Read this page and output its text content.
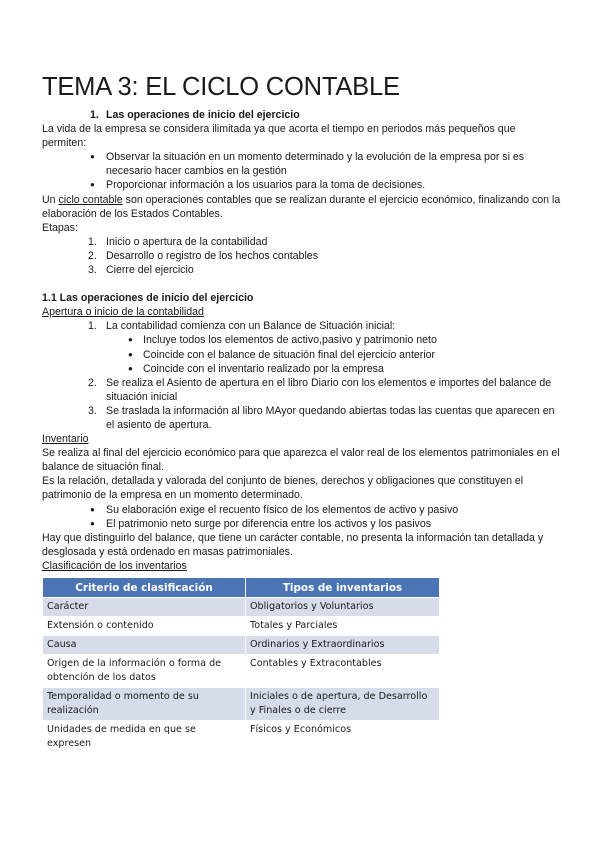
TEMA 3: EL CICLO CONTABLE

1. Las operaciones de inicio del ejercicio

La vida de la empresa se considera ilimitada ya que acorta el tiempo en periodos más pequeños que permiten:

● Observar la situación en un momento determinado y la evolución de la empresa por si es necesario hacer cambios en la gestión
● Proporcionar información a los usuarios para la toma de decisiones.

Un ciclo contable son operaciones contables que se realizan durante el ejercicio económico, finalizando con la elaboración de los Estados Contables.

Etapas:

1. Inicio o apertura de la contabilidad
2. Desarrollo o registro de los hechos contables
3. Cierre del ejercicio

1.1 Las operaciones de inicio del ejercicio

Apertura o inicio de la contabilidad

1. La contabilidad comienza con un Balance de Situación inicial:
● Incluye todos los elementos de activo,pasivo y patrimonio neto
● Coincide con el balance de situación final del ejercicio anterior
● Coincide con el inventario realizado por la empresa
2. Se realiza el Asiento de apertura en el libro Diario con los elementos e importes del balance de situación inicial
3. Se traslada la información al libro MAyor quedando abiertas todas las cuentas que aparecen en el asiento de apertura.

Inventario

Se realiza al final del ejercicio económico para que aparezca el valor real de los elementos patrimoniales en el balance de situación final.

Es la relación, detallada y valorada del conjunto de bienes, derechos y obligaciones que constituyen el patrimonio de la empresa en un momento determinado.

● Su elaboración exige el recuento físico de los elementos de activo y pasivo
● El patrimonio neto surge por diferencia entre los activos y los pasivos

Hay que distinguirlo del balance, que tiene un carácter contable, no presenta la información tan detallada y desglosada y está ordenado en masas patrimoniales.

Clasificación de los inventarios

Criterio de clasificación	Tipos de inventarios
Carácter	Obligatorios y Voluntarios
Extensión o contenido	Totales y Parciales
Causa	Ordinarios y Extraordinarios
Origen de la información o forma de obtención de los datos	Contables y Extracontables
Temporalidad o momento de su realización	Iniciales o de apertura, de Desarrollo y Finales o de cierre
Unidades de medida en que se expresen	Físicos y Económicos
